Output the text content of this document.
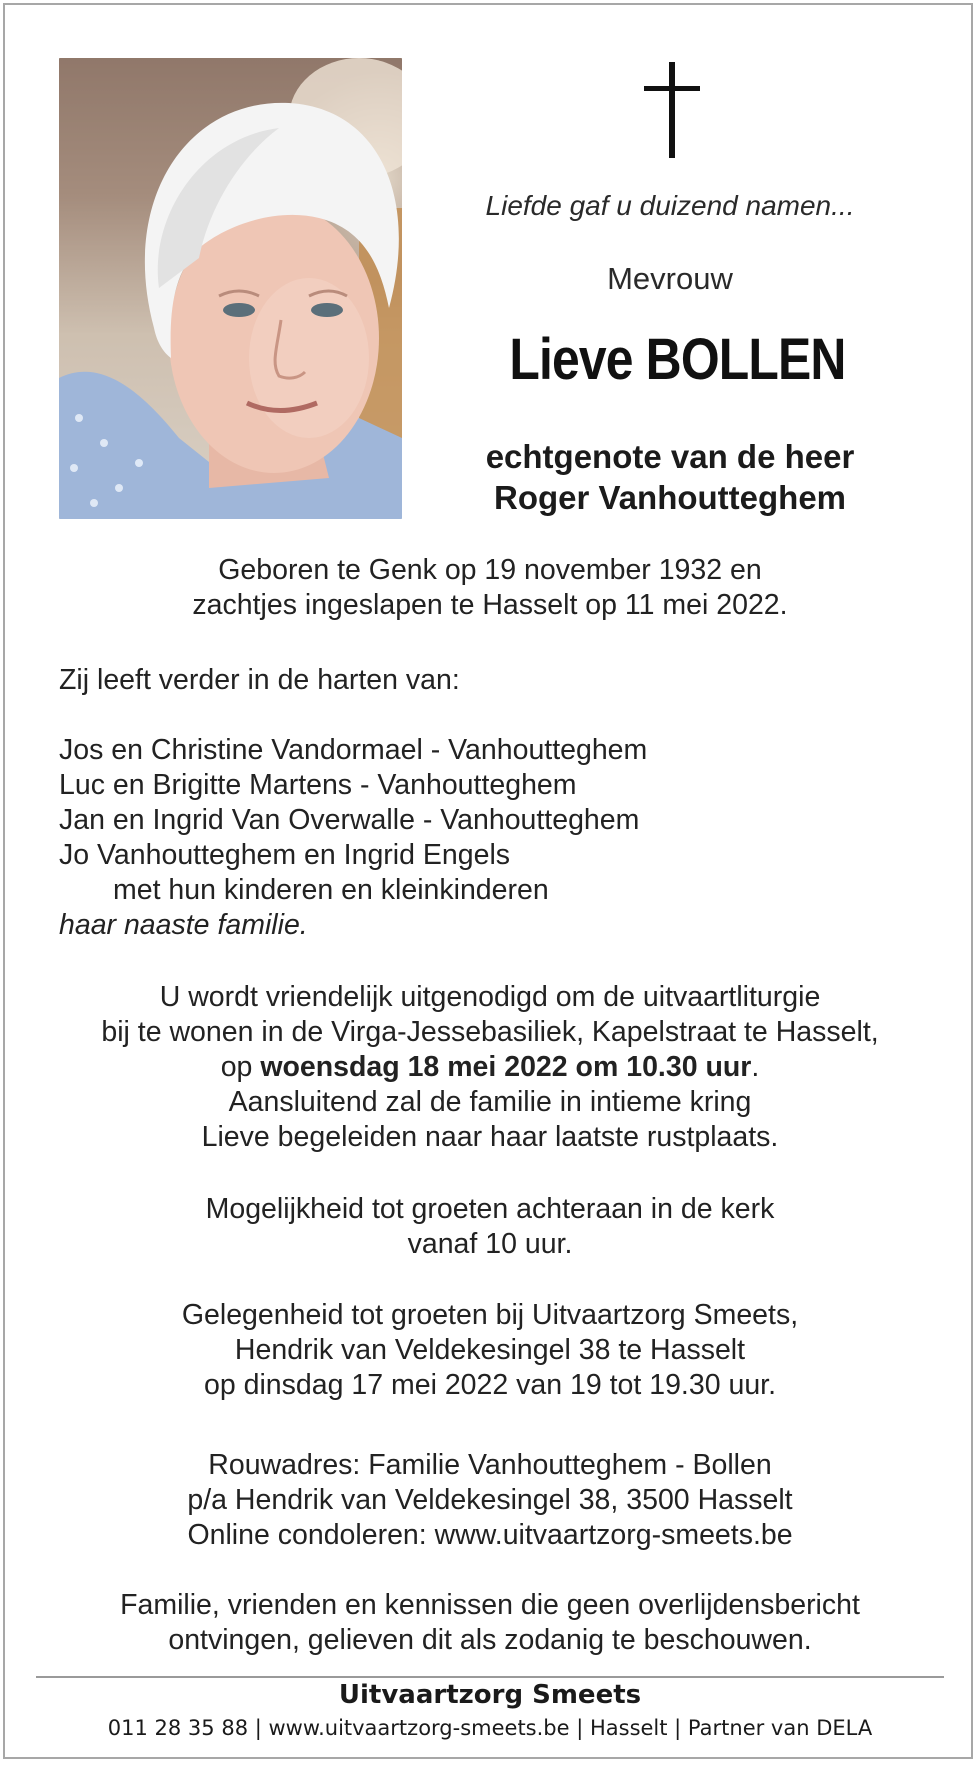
Liefde gaf u duizend namen...
Mevrouw
Lieve BOLLEN
echtgenote van de heer
Roger Vanhoutteghem
Geboren te Genk op 19 november 1932 en
zachtjes ingeslapen te Hasselt op 11 mei 2022.
Zij leeft verder in de harten van:
Jos en Christine Vandormael - Vanhoutteghem
Luc en Brigitte Martens - Vanhoutteghem
Jan en Ingrid Van Overwalle - Vanhoutteghem
Jo Vanhoutteghem en Ingrid Engels
met hun kinderen en kleinkinderen
haar naaste familie.
U wordt vriendelijk uitgenodigd om de uitvaartliturgie
bij te wonen in de Virga-Jessebasiliek, Kapelstraat te Hasselt,
op woensdag 18 mei 2022 om 10.30 uur.
Aansluitend zal de familie in intieme kring
Lieve begeleiden naar haar laatste rustplaats.
Mogelijkheid tot groeten achteraan in de kerk
vanaf 10 uur.
Gelegenheid tot groeten bij Uitvaartzorg Smeets,
Hendrik van Veldekesingel 38 te Hasselt
op dinsdag 17 mei 2022 van 19 tot 19.30 uur.
Rouwadres: Familie Vanhoutteghem - Bollen
p/a Hendrik van Veldekesingel 38, 3500 Hasselt
Online condoleren: www.uitvaartzorg-smeets.be
Familie, vrienden en kennissen die geen overlijdensbericht
ontvingen, gelieven dit als zodanig te beschouwen.
Uitvaartzorg Smeets
011 28 35 88 | www.uitvaartzorg-smeets.be | Hasselt | Partner van DELA
